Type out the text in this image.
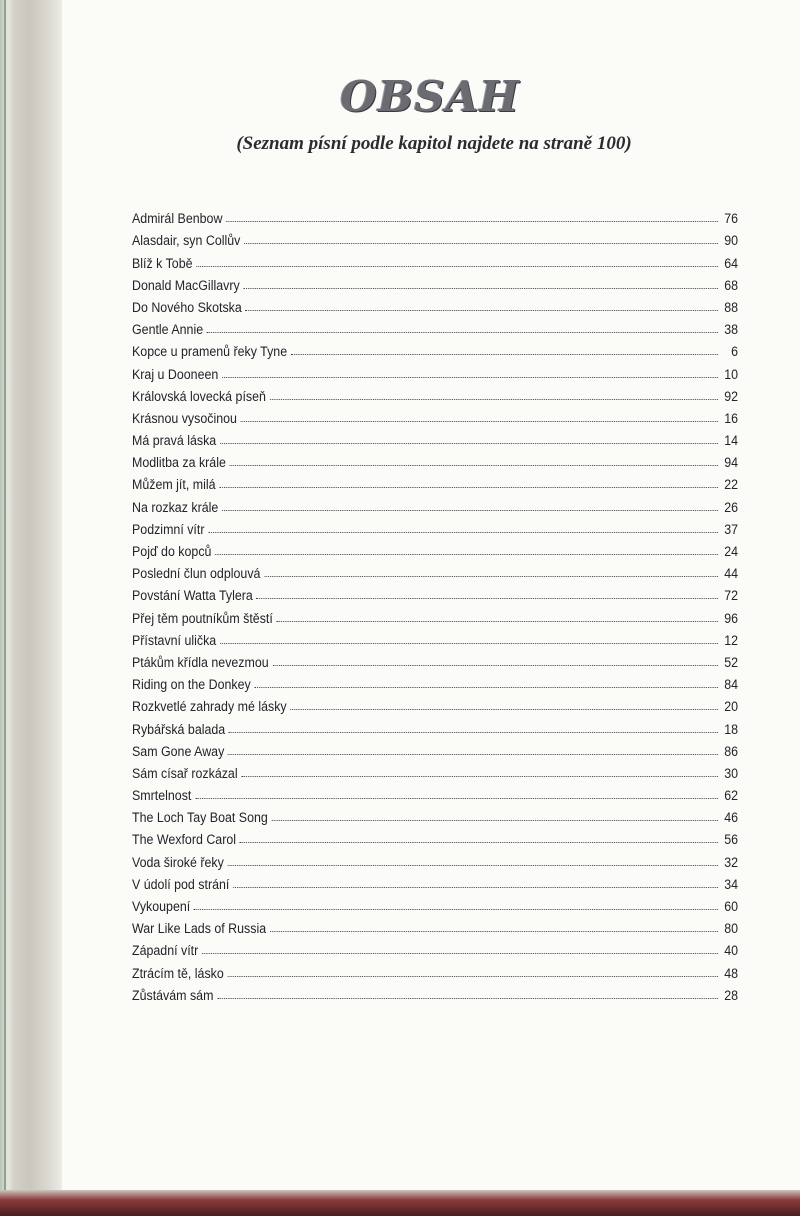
OBSAH
(Seznam písní podle kapitol najdete na straně 100)
Admirál Benbow	76
Alasdair, syn Collův	90
Blíž k Tobě	64
Donald MacGillavry	68
Do Nového Skotska	88
Gentle Annie	38
Kopce u pramenů řeky Tyne	6
Kraj u Dooneen	10
Královská lovecká píseň	92
Krásnou vysočinou	16
Má pravá láska	14
Modlitba za krále	94
Můžem jít, milá	22
Na rozkaz krále	26
Podzimní vítr	37
Pojď do kopců	24
Poslední člun odplouvá	44
Povstání Watta Tylera	72
Přej těm poutníkům štěstí	96
Přístavní ulička	12
Ptákům křídla nevezmou	52
Riding on the Donkey	84
Rozkvetlé zahrady mé lásky	20
Rybářská balada	18
Sam Gone Away	86
Sám císař rozkázal	30
Smrtelnost	62
The Loch Tay Boat Song	46
The Wexford Carol	56
Voda široké řeky	32
V údolí pod strání	34
Vykoupení	60
War Like Lads of Russia	80
Západní vítr	40
Ztrácím tě, lásko	48
Zůstávám sám	28
